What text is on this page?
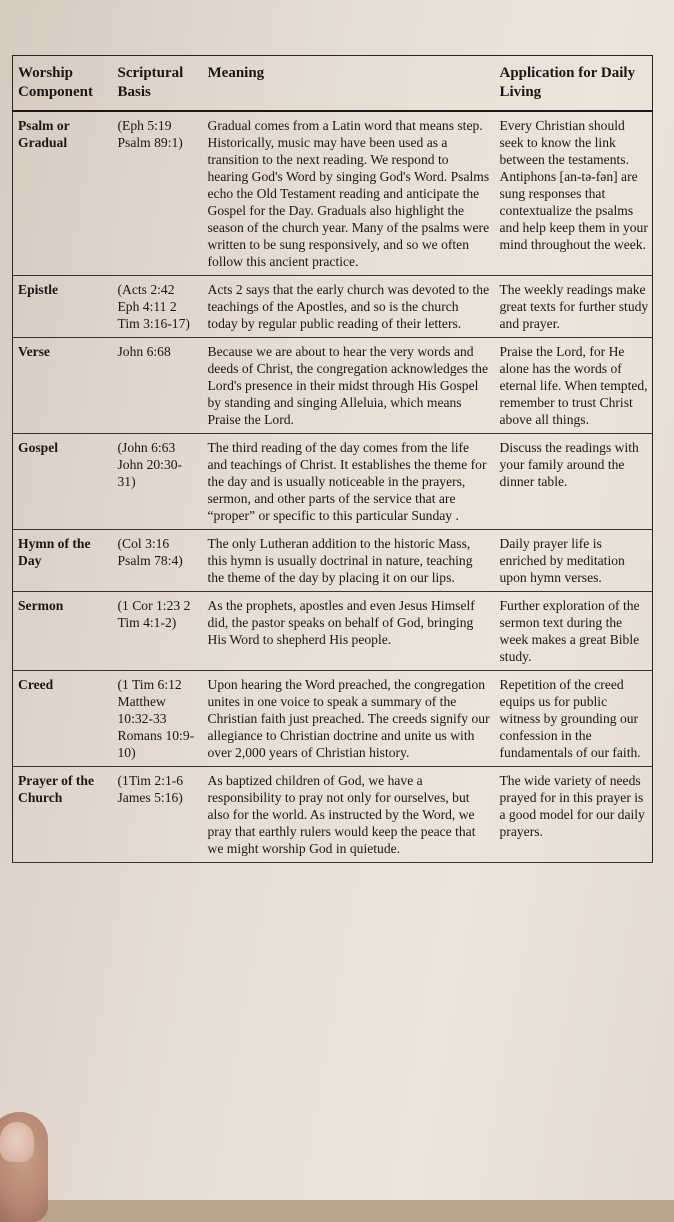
Worship Component	Scriptural Basis	Meaning	Application for Daily Living
Psalm or Gradual	(Eph 5:19 Psalm 89:1)	Gradual comes from a Latin word that means step. Historically, music may have been used as a transition to the next reading. We respond to hearing God's Word by singing God's Word. Psalms echo the Old Testament reading and anticipate the Gospel for the Day. Graduals also highlight the season of the church year. Many of the psalms were written to be sung responsively, and so we often follow this ancient practice.	Every Christian should seek to know the link between the testaments. Antiphons [an-tə-fən] are sung responses that contextualize the psalms and help keep them in your mind throughout the week.
Epistle	(Acts 2:42 Eph 4:11 2 Tim 3:16-17)	Acts 2 says that the early church was devoted to the teachings of the Apostles, and so is the church today by regular public reading of their letters.	The weekly readings make great texts for further study and prayer.
Verse	John 6:68	Because we are about to hear the very words and deeds of Christ, the congregation acknowledges the Lord's presence in their midst through His Gospel by standing and singing Alleluia, which means Praise the Lord.	Praise the Lord, for He alone has the words of eternal life. When tempted, remember to trust Christ above all things.
Gospel	(John 6:63 John 20:30-31)	The third reading of the day comes from the life and teachings of Christ. It establishes the theme for the day and is usually noticeable in the prayers, sermon, and other parts of the service that are “proper” or specific to this particular Sunday .	Discuss the readings with your family around the dinner table.
Hymn of the Day	(Col 3:16 Psalm 78:4)	The only Lutheran addition to the historic Mass, this hymn is usually doctrinal in nature, teaching the theme of the day by placing it on our lips.	Daily prayer life is enriched by meditation upon hymn verses.
Sermon	(1 Cor 1:23 2 Tim 4:1-2)	As the prophets, apostles and even Jesus Himself did, the pastor speaks on behalf of God, bringing His Word to shepherd His people.	Further exploration of the sermon text during the week makes a great Bible study.
Creed	(1 Tim 6:12 Matthew 10:32-33 Romans 10:9-10)	Upon hearing the Word preached, the congregation unites in one voice to speak a summary of the Christian faith just preached. The creeds signify our allegiance to Christian doctrine and unite us with over 2,000 years of Christian history.	Repetition of the creed equips us for public witness by grounding our confession in the fundamentals of our faith.
Prayer of the Church	(1Tim 2:1-6 James 5:16)	As baptized children of God, we have a responsibility to pray not only for ourselves, but also for the world. As instructed by the Word, we pray that earthly rulers would keep the peace that we might worship God in quietude.	The wide variety of needs prayed for in this prayer is a good model for our daily prayers.
